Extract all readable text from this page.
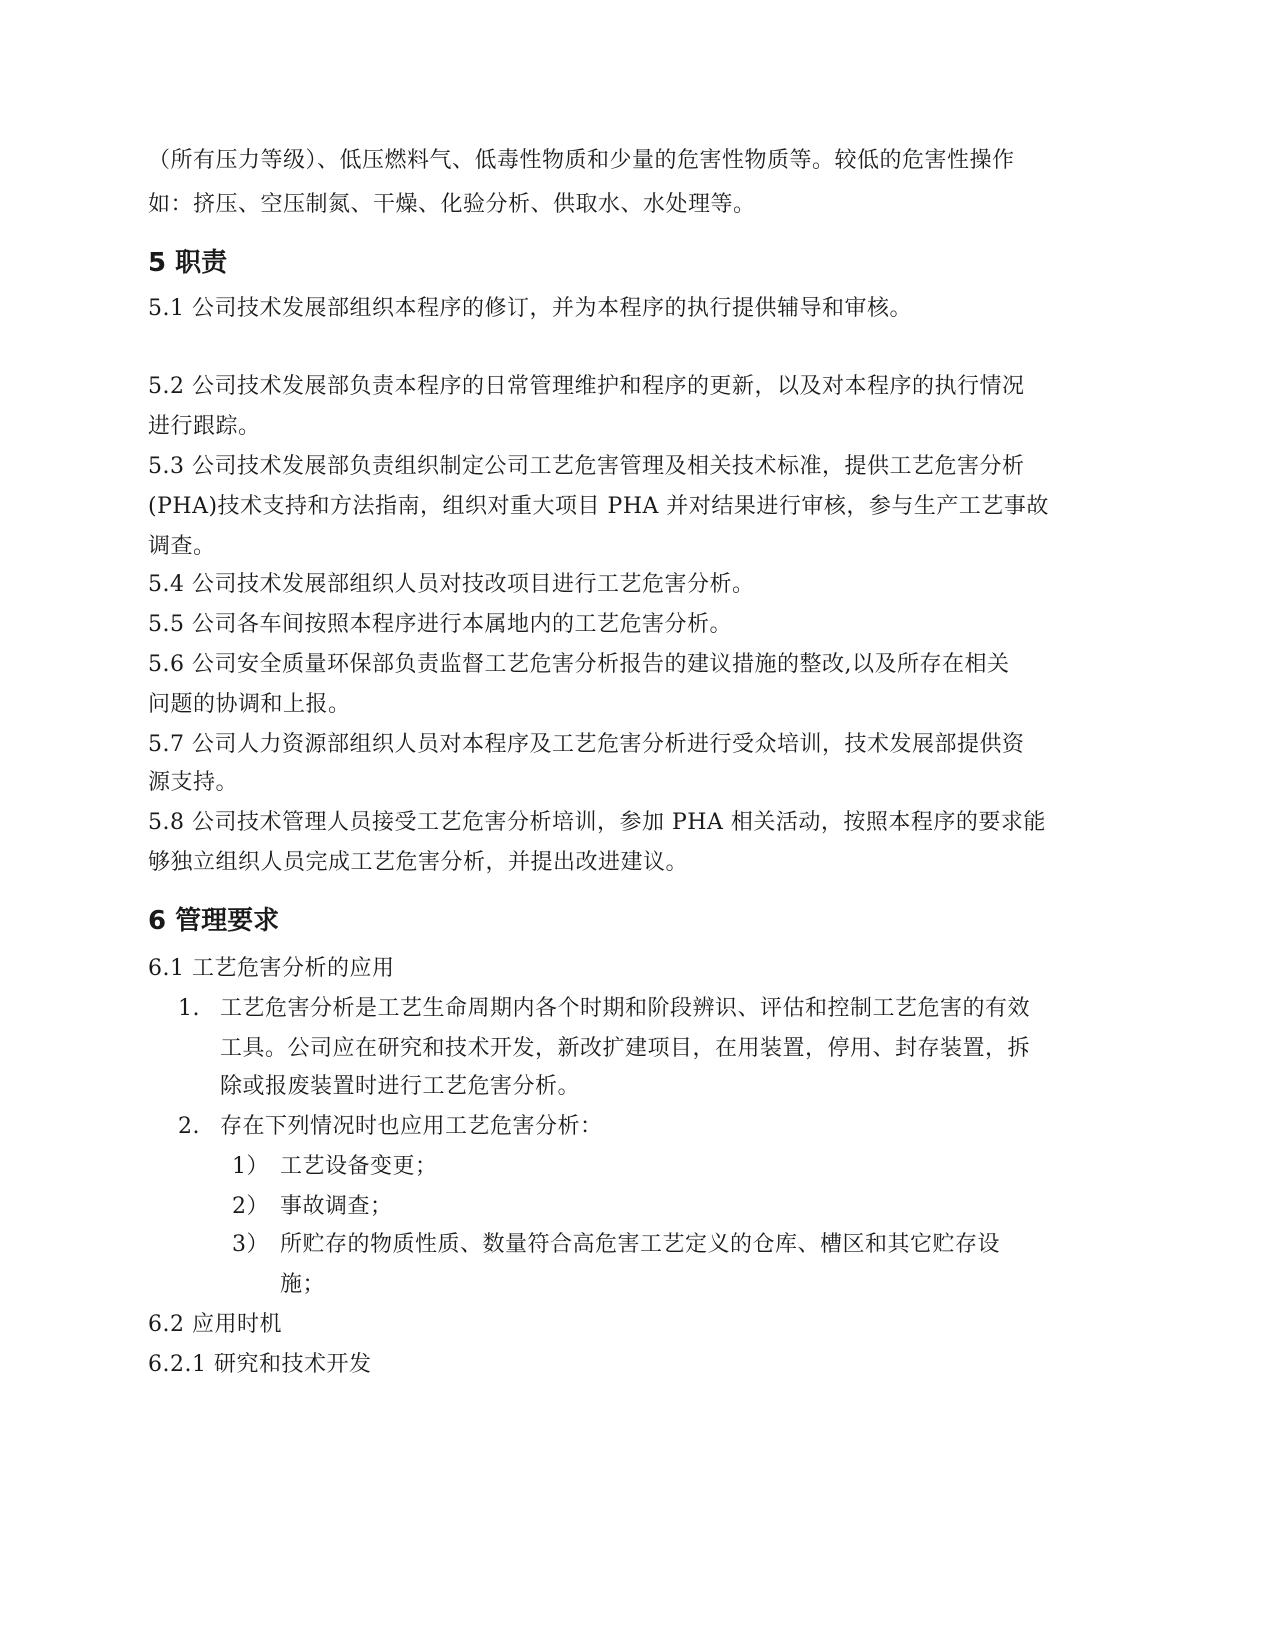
（所有压力等级）、低压燃料气、低毒性物质和少量的危害性物质等。较低的危害性操作
如：挤压、空压制氮、干燥、化验分析、供取水、水处理等。
5 职责
5.1 公司技术发展部组织本程序的修订，并为本程序的执行提供辅导和审核。
5.2 公司技术发展部负责本程序的日常管理维护和程序的更新，以及对本程序的执行情况
进行跟踪。
5.3 公司技术发展部负责组织制定公司工艺危害管理及相关技术标准，提供工艺危害分析
(PHA)技术支持和方法指南，组织对重大项目 PHA 并对结果进行审核，参与生产工艺事故
调查。
5.4 公司技术发展部组织人员对技改项目进行工艺危害分析。
5.5 公司各车间按照本程序进行本属地内的工艺危害分析。
5.6 公司安全质量环保部负责监督工艺危害分析报告的建议措施的整改,以及所存在相关
问题的协调和上报。
5.7 公司人力资源部组织人员对本程序及工艺危害分析进行受众培训，技术发展部提供资
源支持。
5.8 公司技术管理人员接受工艺危害分析培训，参加 PHA 相关活动，按照本程序的要求能
够独立组织人员完成工艺危害分析，并提出改进建议。
6 管理要求
6.1 工艺危害分析的应用
1. 工艺危害分析是工艺生命周期内各个时期和阶段辨识、评估和控制工艺危害的有效
工具。公司应在研究和技术开发，新改扩建项目，在用装置，停用、封存装置，拆
除或报废装置时进行工艺危害分析。
2. 存在下列情况时也应用工艺危害分析：
1） 工艺设备变更；
2） 事故调查；
3） 所贮存的物质性质、数量符合高危害工艺定义的仓库、槽区和其它贮存设
施；
6.2 应用时机
6.2.1 研究和技术开发
